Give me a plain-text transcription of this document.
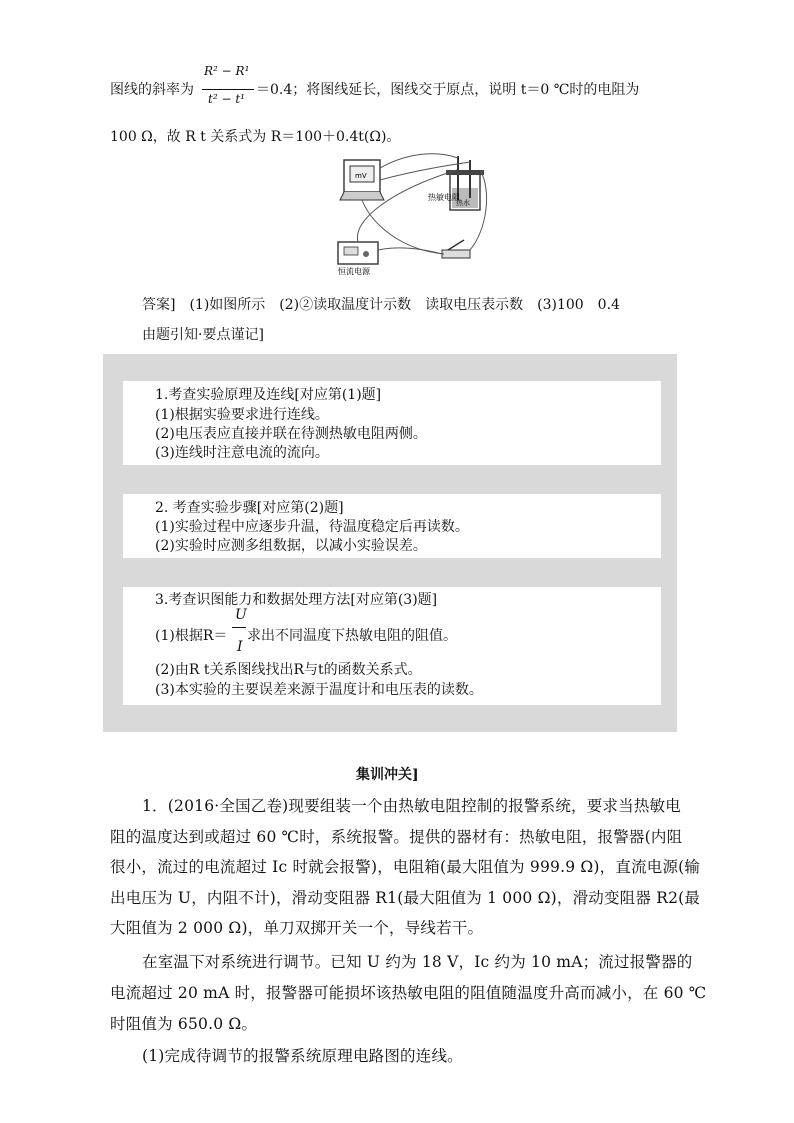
R² − R¹
t² − t¹
图线的斜率为	＝0.4；将图线延长，图线交于原点，说明 t＝0 ℃时的电阻为
100 Ω，故 R t 关系式为 R＝100＋0.4t(Ω)。
mV
热水
热敏电阻
恒流电源
答案]　(1)如图所示　(2)②读取温度计示数　读取电压表示数　(3)100　0.4
由题引知·要点谨记]
1.考查实验原理及连线[对应第(1)题]
(1)根据实验要求进行连线。
(2)电压表应直接并联在待测热敏电阻两侧。
(3)连线时注意电流的流向。
2. 考查实验步骤[对应第(2)题]
(1)实验过程中应逐步升温，待温度稳定后再读数。
(2)实验时应测多组数据，以减小实验误差。
3.考查识图能力和数据处理方法[对应第(3)题]
U
I
(1)根据R＝ 求出不同温度下热敏电阻的阻值。
(2)由R t关系图线找出R与t的函数关系式。
(3)本实验的主要误差来源于温度计和电压表的读数。
集训冲关]
1．(2016·全国乙卷)现要组装一个由热敏电阻控制的报警系统，要求当热敏电
阻的温度达到或超过 60 ℃时，系统报警。提供的器材有：热敏电阻，报警器(内阻
很小，流过的电流超过 Ic 时就会报警)，电阻箱(最大阻值为 999.9 Ω)，直流电源(输
出电压为 U，内阻不计)，滑动变阻器 R1(最大阻值为 1 000 Ω)，滑动变阻器 R2(最
大阻值为 2 000 Ω)，单刀双掷开关一个，导线若干。
在室温下对系统进行调节。已知 U 约为 18 V，Ic 约为 10 mA；流过报警器的
电流超过 20 mA 时，报警器可能损坏该热敏电阻的阻值随温度升高而减小，在 60 ℃
时阻值为 650.0 Ω。
(1)完成待调节的报警系统原理电路图的连线。
